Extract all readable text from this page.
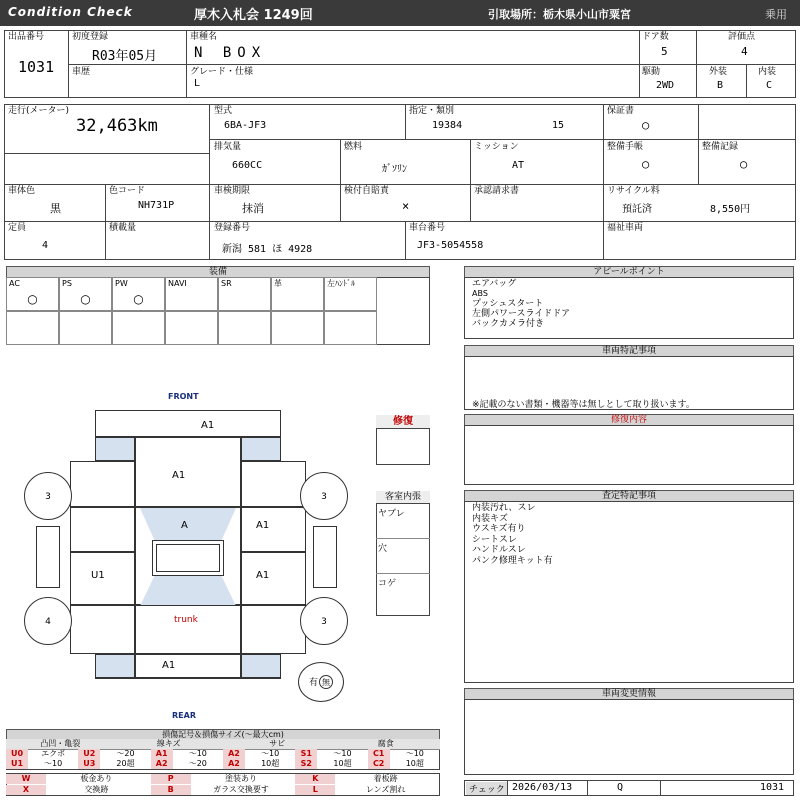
Condition Check	厚木入札会 1249回	引取場所：栃木県小山市粟宮	乗用
出品番号
1031
初度登録
R03年05月
車種名
N BOX
ドア数
5
評価点
4
車歴	グレード・仕様
L
駆動
2WD
外装
B
内装
C
走行(メーター)
32,463km
型式
6BA-JF3
指定・類別
19384	15
保証書
○
排気量
660CC
燃料
ｶﾞｿﾘﾝ
ミッション
AT
整備手帳
○
整備記録
○
車体色
黒
色コード
NH731P
車検期限
抹消
検付自賠責
×
承認請求書	リサイクル料
預託済	8,550円
定員
4
積載量	登録番号
新潟 581 ほ 4928
車台番号
JF3-5054558
福祉車両
装備
AC
○
PS
○
PW
○
NAVI	SR	革	左ﾊﾝﾄﾞﾙ
アピールポイント
エアバッグ
ABS
プッシュスタート
左側パワースライドドア
バックカメラ付き
車両特記事項
※記載のない書類・機器等は無しとして取り扱います。
修復内容
査定特記事項
内装汚れ、スレ
内装キズ
ウスキズ有り
シートスレ
ハンドルスレ
パンク修理キット有
車両変更情報
チェック 2026/03/13	Q	1031
修復
客室内張
ヤブレ
穴
コゲ
FRONT
REAR
trunk
A1
A1
A	A1
A1
U1
A1
3	3
4	3
有 無
損傷記号＆損傷サイズ(～最大cm)
凸凹・亀裂	線キズ	サビ	腐食
U0	エクボ	U2	～20	A1	～10	A2	～10	S1	～10	C1	～10
U1	～10	U3	20超	A2	～20	A2	10超	S2	10超	C2	10超
W	板金あり	P	塗装あり	K	着板跡
X	交換跡	B	ガラス交換要す	L	レンズ割れ
